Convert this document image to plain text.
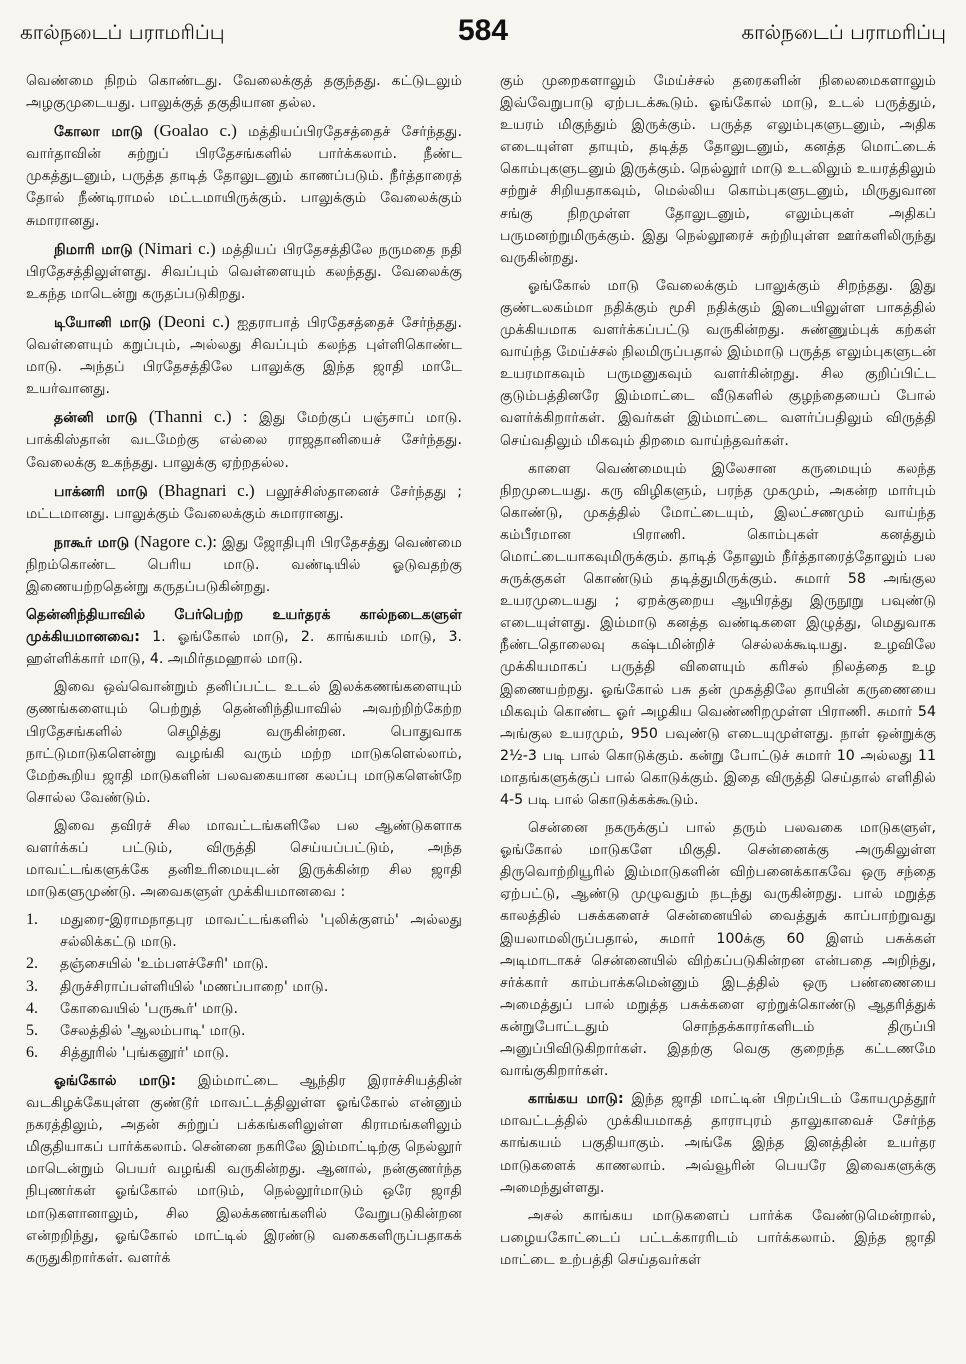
கால்நடைப் பராமரிப்பு	584	கால்நடைப் பராமரிப்பு

வெண்மை நிறம் கொண்டது. வேலைக்குத் தகுந்தது. கட்டுடலும் அழகுமுடையது. பாலுக்குத் தகுதியான தல்ல.

கோலா மாடு (Goalao c.) மத்தியப்பிரதேசத்தைச் சேர்ந்தது. வார்தாவின் சுற்றுப் பிரதேசங்களில் பார்க்கலாம். நீண்ட முகத்துடனும், பருத்த தாடித் தோலுடனும் காணப்படும். நீர்த்தாரைத் தோல் நீண்டிராமல் மட்டமாயிருக்கும். பாலுக்கும் வேலைக்கும் சுமாரானது.

நிமாரி மாடு (Nimari c.) மத்தியப் பிரதேசத்திலே நருமதை நதி பிரதேசத்திலுள்ளது. சிவப்பும் வெள்ளையும் கலந்தது. வேலைக்கு உகந்த மாடென்று கருதப்படுகிறது.

டியோனி மாடு (Deoni c.) ஐதராபாத் பிரதேசத்தைச் சேர்ந்தது. வெள்ளையும் கறுப்பும், அல்லது சிவப்பும் கலந்த புள்ளிகொண்ட மாடு. அந்தப் பிரதேசத்திலே பாலுக்கு இந்த ஜாதி மாடே உயர்வானது.

தன்னி மாடு (Thanni c.) : இது மேற்குப் பஞ்சாப் மாடு. பாக்கிஸ்தான் வடமேற்கு எல்லை ராஜதானியைச் சேர்ந்தது. வேலைக்கு உகந்தது. பாலுக்கு ஏற்றதல்ல.

பாக்னரி மாடு (Bhagnari c.) பலூச்சிஸ்தானைச் சேர்ந்தது ; மட்டமானது. பாலுக்கும் வேலைக்கும் சுமாரானது.

நாகூர் மாடு (Nagore c.): இது ஜோதிபுரி பிரதேசத்து வெண்மை நிறம்கொண்ட பெரிய மாடு. வண்டியில் ஓடுவதற்கு இணையற்றதென்று கருதப்படுகின்றது.

தென்னிந்தியாவில் பேர்பெற்ற உயர்தரக் கால்நடைகளுள் முக்கியமானவை: 1. ஓங்கோல் மாடு, 2. காங்கயம் மாடு, 3. ஹள்ளிக்கார் மாடு, 4. அமிர்தமஹால் மாடு.

இவை ஒவ்வொன்றும் தனிப்பட்ட உடல் இலக்கணங்களையும் குணங்களையும் பெற்றுத் தென்னிந்தியாவில் அவற்றிற்கேற்ற பிரதேசங்களில் செழித்து வருகின்றன. பொதுவாக நாட்டுமாடுகளென்று வழங்கி வரும் மற்ற மாடுகளெல்லாம், மேற்கூறிய ஜாதி மாடுகளின் பலவகையான கலப்பு மாடுகளென்றே சொல்ல வேண்டும்.

இவை தவிரச் சில மாவட்டங்களிலே பல ஆண்டுகளாக வளர்க்கப் பட்டும், விருத்தி செய்யப்பட்டும், அந்த மாவட்டங்களுக்கே தனிஉரிமையுடன் இருக்கின்ற சில ஜாதி மாடுகளுமுண்டு. அவைகளுள் முக்கியமானவை :

1.	மதுரை-இராமநாதபுர மாவட்டங்களில் 'புலிக்குளம்' அல்லது சல்லிக்கட்டு மாடு.
2.	தஞ்சையில் 'உம்பளச்சேரி' மாடு.
3.	திருச்சிராப்பள்ளியில் 'மணப்பாறை' மாடு.
4.	கோவையில் 'பருகூர்' மாடு.
5.	சேலத்தில் 'ஆலம்பாடி' மாடு.
6.	சித்தூரில் 'புங்கனூர்' மாடு.

ஓங்கோல் மாடு: இம்மாட்டை ஆந்திர இராச்சியத்தின் வடகிழக்கேயுள்ள குண்டூர் மாவட்டத்திலுள்ள ஓங்கோல் என்னும் நகரத்திலும், அதன் சுற்றுப் பக்கங்களிலுள்ள கிராமங்களிலும் மிகுதியாகப் பார்க்கலாம். சென்னை நகரிலே இம்மாட்டிற்கு நெல்லூர் மாடென்றும் பெயர் வழங்கி வருகின்றது. ஆனால், நன்குணர்ந்த நிபுணர்கள் ஓங்கோல் மாடும், நெல்லூர்மாடும் ஒரே ஜாதி மாடுகளானாலும், சில இலக்கணங்களில் வேறுபடுகின்றன என்றறிந்து, ஓங்கோல் மாட்டில் இரண்டு வகைகளிருப்பதாகக் கருதுகிறார்கள். வளர்க்

கும் முறைகளாலும் மேய்ச்சல் தரைகளின் நிலைமைகளாலும் இவ்வேறுபாடு ஏற்படக்கூடும். ஓங்கோல் மாடு, உடல் பருத்தும், உயரம் மிகுந்தும் இருக்கும். பருத்த எலும்புகளுடனும், அதிக எடையுள்ள தாயும், தடித்த தோலுடனும், கனத்த மொட்டைக் கொம்புகளுடனும் இருக்கும். நெல்லூர் மாடு உடலிலும் உயரத்திலும் சற்றுச் சிறியதாகவும், மெல்லிய கொம்புகளுடனும், மிருதுவான சங்கு நிறமுள்ள தோலுடனும், எலும்புகள் அதிகப் பருமனற்றுமிருக்கும். இது நெல்லூரைச் சுற்றியுள்ள ஊர்களிலிருந்து வருகின்றது.

ஓங்கோல் மாடு வேலைக்கும் பாலுக்கும் சிறந்தது. இது குண்டலகம்மா நதிக்கும் மூசி நதிக்கும் இடையிலுள்ள பாகத்தில் முக்கியமாக வளர்க்கப்பட்டு வருகின்றது. சுண்ணும்புக் கற்கள் வாய்ந்த மேய்ச்சல் நிலமிருப்பதால் இம்மாடு பருத்த எலும்புகளுடன் உயரமாகவும் பருமனுகவும் வளர்கின்றது. சில குறிப்பிட்ட குடும்பத்தினரே இம்மாட்டை வீடுகளில் குழந்தையைப் போல் வளர்க்கிறார்கள். இவர்கள் இம்மாட்டை வளர்ப்பதிலும் விருத்தி செய்வதிலும் மிகவும் திறமை வாய்ந்தவர்கள்.

காளை வெண்மையும் இலேசான கருமையும் கலந்த நிறமுடையது. கரு விழிகளும், பரந்த முகமும், அகன்ற மார்பும் கொண்டு, முகத்தில் மோட்டையும், இலட்சணமும் வாய்ந்த கம்பீரமான பிராணி. கொம்புகள் கனத்தும் மொட்டையாகவுமிருக்கும். தாடித் தோலும் நீர்த்தாரைத்தோலும் பல சுருக்குகள் கொண்டும் தடித்துமிருக்கும். சுமார் 58 அங்குல உயரமுடையது ; ஏறக்குறைய ஆயிரத்து இருநூறு பவுண்டு எடையுள்ளது. இம்மாடு கனத்த வண்டிகளை இழுத்து, மெதுவாக நீண்டதொலைவு கஷ்டமின்றிச் செல்லக்கூடியது. உழவிலே முக்கியமாகப் பருத்தி விளையும் கரிசல் நிலத்தை உழ இணையற்றது. ஓங்கோல் பசு தன் முகத்திலே தாயின் கருணையை மிகவும் கொண்ட ஓர் அழகிய வெண்ணிறமுள்ள பிராணி. சுமார் 54 அங்குல உயரமும், 950 பவுண்டு எடையுமுள்ளது. நாள் ஒன்றுக்கு 2½-3 படி பால் கொடுக்கும். கன்று போட்டுச் சுமார் 10 அல்லது 11 மாதங்களுக்குப் பால் கொடுக்கும். இதை விருத்தி செய்தால் எளிதில் 4-5 படி பால் கொடுக்கக்கூடும்.

சென்னை நகருக்குப் பால் தரும் பலவகை மாடுகளுள், ஓங்கோல் மாடுகளே மிகுதி. சென்னைக்கு அருகிலுள்ள திருவொற்றியூரில் இம்மாடுகளின் விற்பனைக்காகவே ஒரு சந்தை ஏற்பட்டு, ஆண்டு முழுவதும் நடந்து வருகின்றது. பால் மறுத்த காலத்தில் பசுக்களைச் சென்னையில் வைத்துக் காப்பாற்றுவது இயலாமலிருப்பதால், சுமார் 100க்கு 60 இளம் பசுக்கள் அடிமாடாகச் சென்னையில் விற்கப்படுகின்றன என்பதை அறிந்து, சர்க்கார் காம்பாக்கமென்னும் இடத்தில் ஒரு பண்ணையை அமைத்துப் பால் மறுத்த பசுக்களை ஏற்றுக்கொண்டு ஆதரித்துக் கன்றுபோட்டதும் சொந்தக்காரர்களிடம் திருப்பி அனுப்பிவிடுகிறார்கள். இதற்கு வெகு குறைந்த கட்டணமே வாங்குகிறார்கள்.

காங்கய மாடு: இந்த ஜாதி மாட்டின் பிறப்பிடம் கோயமுத்தூர் மாவட்டத்தில் முக்கியமாகத் தாராபுரம் தாலுகாவைச் சேர்ந்த காங்கயம் பகுதியாகும். அங்கே இந்த இனத்தின் உயர்தர மாடுகளைக் காணலாம். அவ்வூரின் பெயரே இவைகளுக்கு அமைந்துள்ளது.

அசல் காங்கய மாடுகளைப் பார்க்க வேண்டுமென்றால், பழையகோட்டைப் பட்டக்காரரிடம் பார்க்கலாம். இந்த ஜாதி மாட்டை உற்பத்தி செய்தவர்கள்
